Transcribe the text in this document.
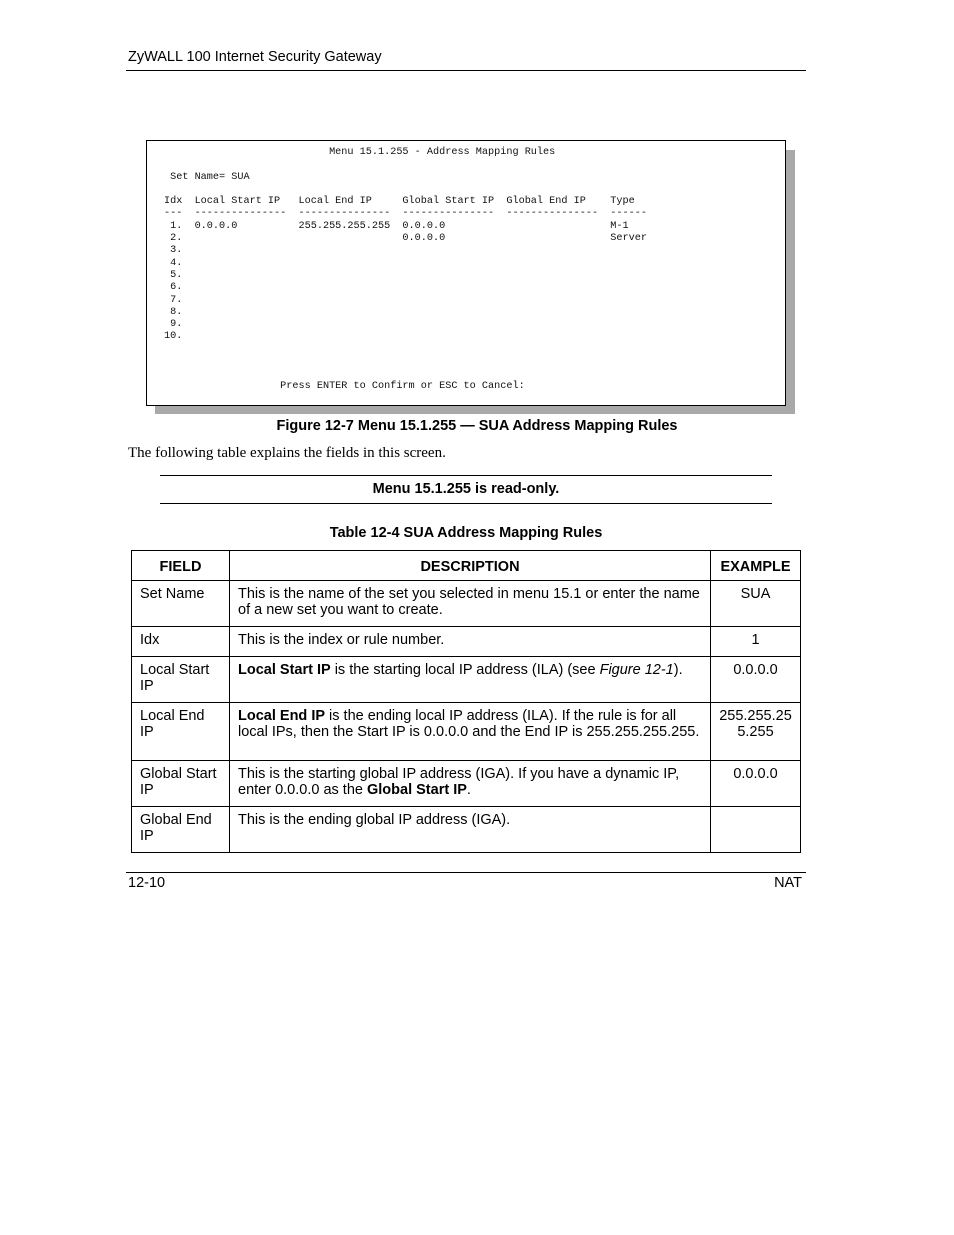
ZyWALL 100 Internet Security Gateway
Menu 15.1.255 - Address Mapping Rules

Set Name= SUA

Idx  Local Start IP   Local End IP     Global Start IP  Global End IP    Type
---  ---------------  ---------------  ---------------  ---------------  ------
1.  0.0.0.0          255.255.255.255  0.0.0.0                           M-1
2.                                    0.0.0.0                           Server
3.
4.
5.
6.
7.
8.
9.
10.

Press ENTER to Confirm or ESC to Cancel:
Figure 12-7 Menu 15.1.255 — SUA Address Mapping Rules
The following table explains the fields in this screen.
Menu 15.1.255 is read-only.
Table 12-4 SUA Address Mapping Rules
FIELD	DESCRIPTION	EXAMPLE
Set Name	This is the name of the set you selected in menu 15.1 or enter the name of a new set you want to create.	SUA
Idx	This is the index or rule number.	1
Local Start IP	Local Start IP is the starting local IP address (ILA) (see Figure 12-1).	0.0.0.0
Local End IP	Local End IP is the ending local IP address (ILA). If the rule is for all local IPs, then the Start IP is 0.0.0.0 and the End IP is 255.255.255.255.	255.255.255.255
Global Start IP	This is the starting global IP address (IGA). If you have a dynamic IP, enter 0.0.0.0 as the Global Start IP.	0.0.0.0
Global End IP	This is the ending global IP address (IGA).	
12-10	NAT
